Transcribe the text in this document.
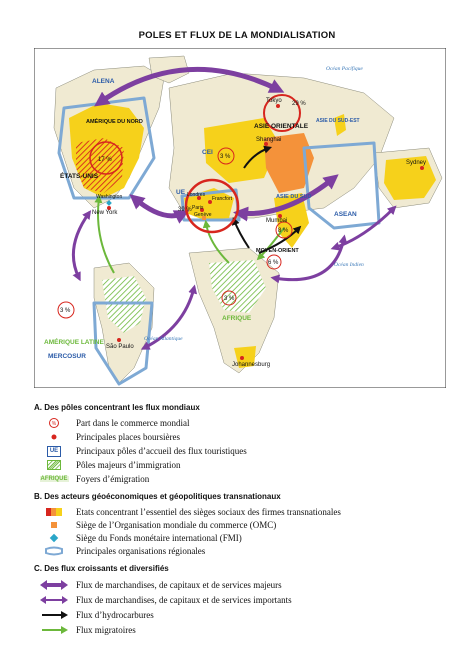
POLES ET FLUX DE LA MONDIALISATION
ALENA
AMÉRIQUE DU NORD
ÉTATS-UNIS
CEI
ASIE ORIENTALE
ASIE DU SUD-EST
ASIE DU SUD
ASEAN
UE
MOYEN-ORIENT
AFRIQUE
AMÉRIQUE LATINE
MERCOSUR
Tokyo
Shanghai
Sydney
Mumbai
New York
Londres
Francfort
Paris
Genève
Washington
São Paulo
Johannesburg
Océan Pacifique
Océan Indien
Océan Atlantique
17 %
39 %
3 %
29 %
8 %
6 %
3 %
3 %
A. Des pôles concentrant les flux mondiaux
% Part dans le commerce mondial
Principales places boursières
UE	Principaux pôles d’accueil des flux touristiques
Pôles majeurs d’immigration
AFRIQUE Foyers d’émigration
B. Des acteurs géoéconomiques et géopolitiques transnationaux
Etats concentrant l’essentiel des sièges sociaux des firmes transnationales
Siège de l’Organisation mondiale du commerce (OMC)
Siège du Fonds monétaire international (FMI)
Principales organisations régionales
C. Des flux croissants et diversifiés
Flux de marchandises, de capitaux et de services majeurs
Flux de marchandises, de capitaux et de services importants
Flux d’hydrocarbures
Flux migratoires
